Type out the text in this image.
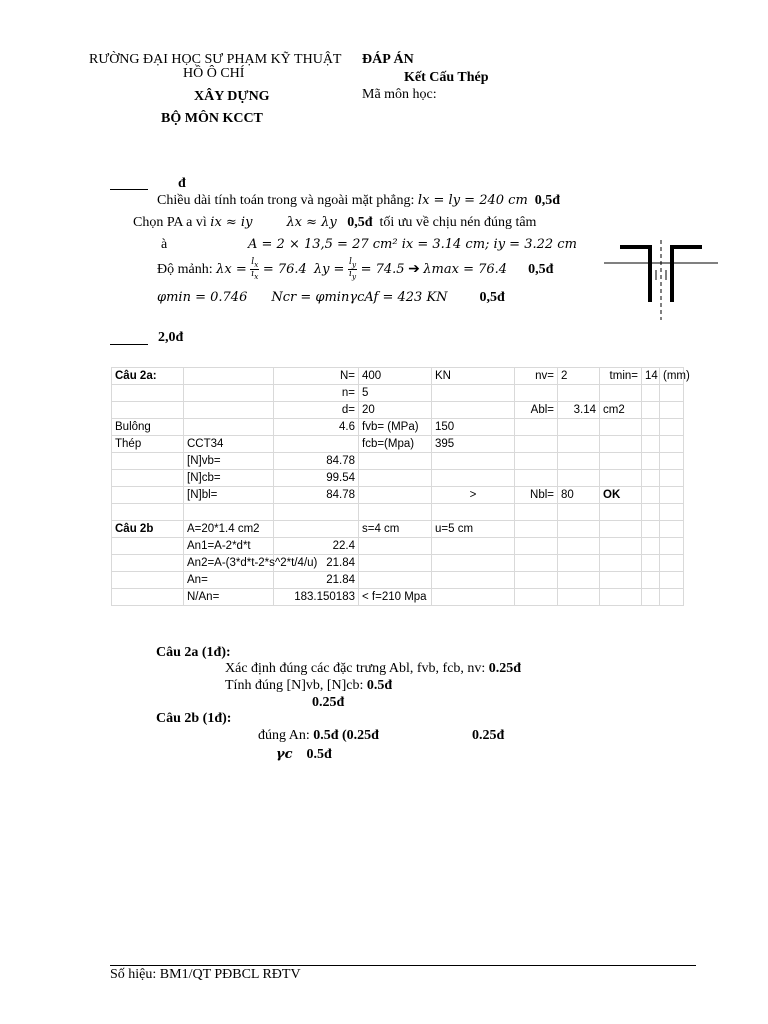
RƯỜNG ĐẠI HỌC SƯ PHẠM KỸ THUẬT
HỒ Ô CHÍ
XÂY DỰNG
BỘ MÔN KCCT
ĐÁP ÁN
Kết Cấu Thép
Mã môn học:
đ
Chiều dài tính toán trong và ngoài mặt phẳng: lx = ly = 240 cm 0,5đ
Chọn PA a vì ix ≈ iy	λx ≈ λy 0,5đ tối ưu về chịu nén đúng tâm
à	A = 2 × 13,5 = 27 cm² ix = 3.14 cm; iy = 3.22 cm
Độ mảnh: $\lambda x = \frac{l_x}{i_x} = 76.4$ $\lambda y = \frac{l_y}{i_y} = 74.5$ ➔ λmax = 76.4 0,5đ
φmin = 0.746 Ncr = φminγcAf = 423 KN 0,5đ
2,0đ
Câu 2a:		N=	400	KN	nv=	2	tmin=	14	(mm)
		n=	5						
		d=	20		Abl=	3.14	cm2		
Bulông		4.6	fvb= (MPa)	150					
Thép	CCT34		fcb=(Mpa)	395					
	[N]vb=	84.78							
	[N]cb=	99.54							
	[N]bl=	84.78		>	Nbl=	80	OK		

Câu 2b	A=20*1.4 cm2		s=4 cm	u=5 cm					
	An1=A-2*d*t	22.4							
	An2=A-(3*d*t-2*s^2*t/4/u)	21.84							
	An=	21.84							
	N/An=	183.150183	< f=210 Mpa						
Câu 2a (1đ):
Xác định đúng các đặc trưng Abl, fvb, fcb, nv: 0.25đ
Tính đúng [N]vb, [N]cb: 0.5đ
0.25đ
Câu 2b (1đ):
đúng An: 0.5đ (0.25đ	0.25đ
γc 0.5đ
Số hiệu: BM1/QT PĐBCL RĐTV
